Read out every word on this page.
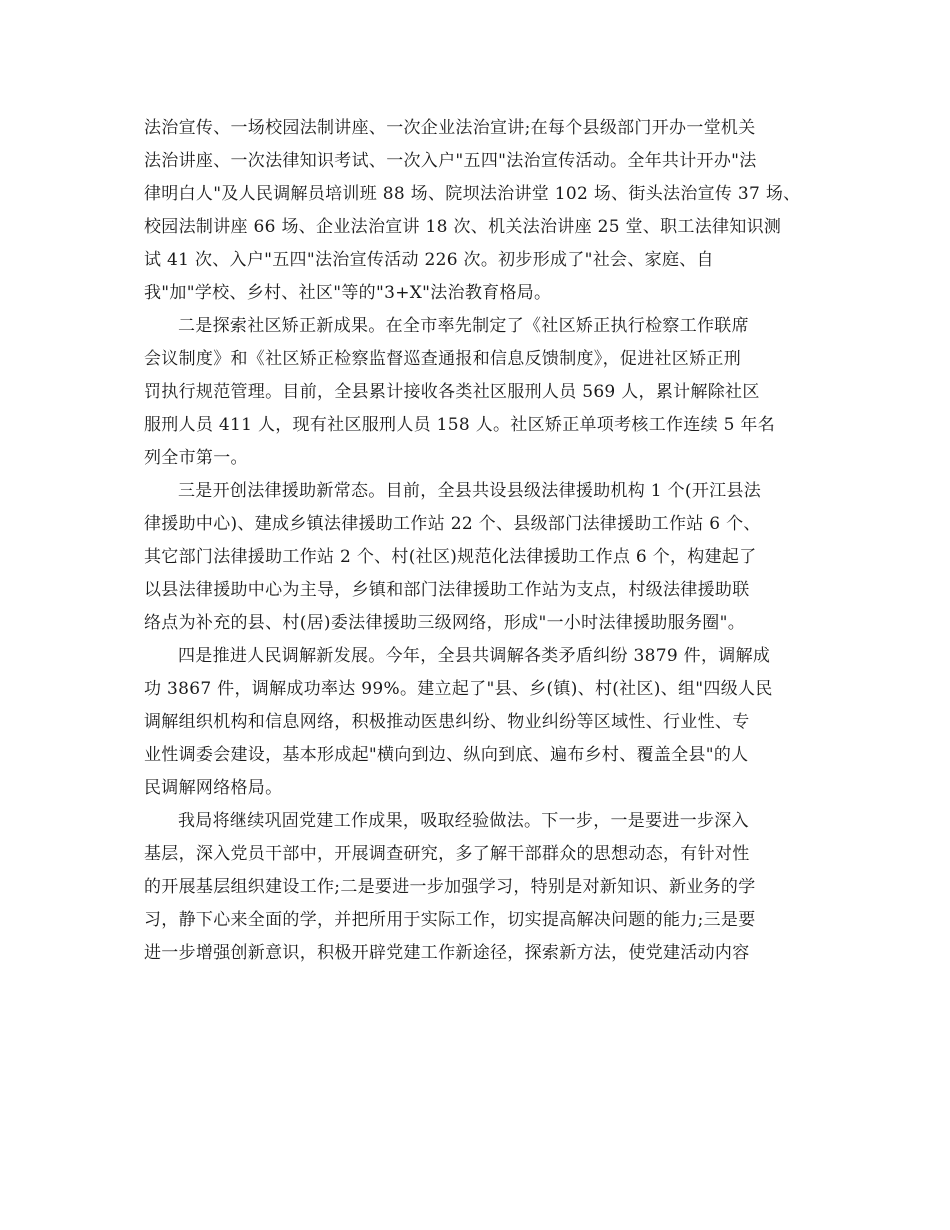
法治宣传、一场校园法制讲座、一次企业法治宣讲;在每个县级部门开办一堂机关
法治讲座、一次法律知识考试、一次入户"五四"法治宣传活动。全年共计开办"法
律明白人"及人民调解员培训班 88 场、院坝法治讲堂 102 场、街头法治宣传 37 场、
校园法制讲座 66 场、企业法治宣讲 18 次、机关法治讲座 25 堂、职工法律知识测
试 41 次、入户"五四"法治宣传活动 226 次。初步形成了"社会、家庭、自
我"加"学校、乡村、社区"等的"3+X"法治教育格局。
二是探索社区矫正新成果。在全市率先制定了《社区矫正执行检察工作联席
会议制度》和《社区矫正检察监督巡查通报和信息反馈制度》，促进社区矫正刑
罚执行规范管理。目前，全县累计接收各类社区服刑人员 569 人，累计解除社区
服刑人员 411 人，现有社区服刑人员 158 人。社区矫正单项考核工作连续 5 年名
列全市第一。
三是开创法律援助新常态。目前，全县共设县级法律援助机构 1 个(开江县法
律援助中心)、建成乡镇法律援助工作站 22 个、县级部门法律援助工作站 6 个、
其它部门法律援助工作站 2 个、村(社区)规范化法律援助工作点 6 个，构建起了
以县法律援助中心为主导，乡镇和部门法律援助工作站为支点，村级法律援助联
络点为补充的县、村(居)委法律援助三级网络，形成"一小时法律援助服务圈"。
四是推进人民调解新发展。今年，全县共调解各类矛盾纠纷 3879 件，调解成
功 3867 件，调解成功率达 99%。建立起了"县、乡(镇)、村(社区)、组"四级人民
调解组织机构和信息网络，积极推动医患纠纷、物业纠纷等区域性、行业性、专
业性调委会建设，基本形成起"横向到边、纵向到底、遍布乡村、覆盖全县"的人
民调解网络格局。
我局将继续巩固党建工作成果，吸取经验做法。下一步，一是要进一步深入
基层，深入党员干部中，开展调查研究，多了解干部群众的思想动态，有针对性
的开展基层组织建设工作;二是要进一步加强学习，特别是对新知识、新业务的学
习，静下心来全面的学，并把所用于实际工作，切实提高解决问题的能力;三是要
进一步增强创新意识，积极开辟党建工作新途径，探索新方法，使党建活动内容
